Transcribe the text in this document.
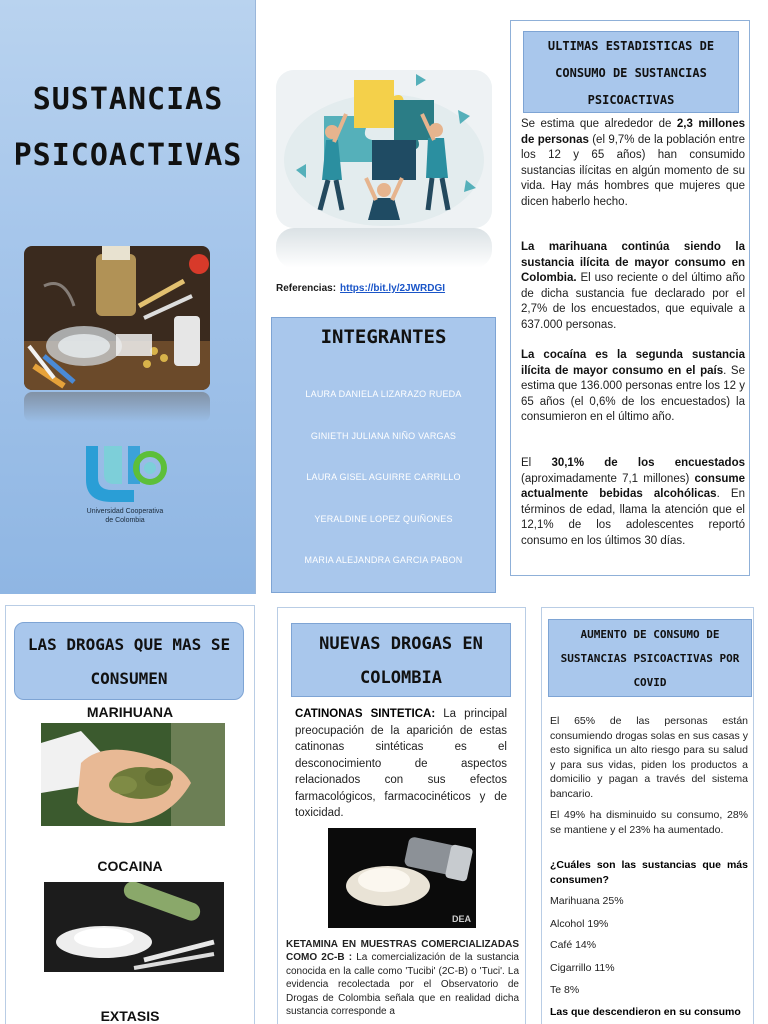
SUSTANCIAS
PSICOACTIVAS
Universidad Cooperativa
de Colombia
Referencias: https://bit.ly/2JWRDGI
INTEGRANTES
LAURA DANIELA LIZARAZO RUEDA
GINIETH JULIANA NIÑO VARGAS
LAURA GISEL AGUIRRE CARRILLO
YERALDINE LOPEZ QUIÑONES
MARIA ALEJANDRA GARCIA PABON
ULTIMAS ESTADISTICAS DE
CONSUMO DE SUSTANCIAS
PSICOACTIVAS
Se estima que alrededor de 2,3 millones de personas (el 9,7% de la población entre los 12 y 65 años) han consumido sustancias ilícitas en algún momento de su vida. Hay más hombres que mujeres que dicen haberlo hecho.
La marihuana continúa siendo la sustancia ilícita de mayor consumo en Colombia. El uso reciente o del último año de dicha sustancia fue declarado por el 2,7% de los encuestados, que equivale a 637.000 personas.
La cocaína es la segunda sustancia ilícita de mayor consumo en el país. Se estima que 136.000 personas entre los 12 y 65 años (el 0,6% de los encuestados) la consumieron en el último año.
El 30,1% de los encuestados (aproximadamente 7,1 millones) consume actualmente bebidas alcohólicas. En términos de edad, llama la atención que el 12,1% de los adolescentes reportó consumo en los últimos 30 días.
LAS DROGAS QUE MAS SE
CONSUMEN
MARIHUANA
COCAINA
EXTASIS
NUEVAS DROGAS EN
COLOMBIA
CATINONAS SINTETICA: La principal preocupación de la aparición de estas catinonas sintéticas es el desconocimiento de aspectos relacionados con sus efectos farmacológicos, farmacocinéticos y de toxicidad.
DEA
KETAMINA EN MUESTRAS COMERCIALIZADAS COMO 2C-B : La comercialización de la sustancia conocida en la calle como 'Tucibi' (2C-B) o 'Tuci'. La evidencia recolectada por el Observatorio de Drogas de Colombia señala que en realidad dicha sustancia corresponde a
AUMENTO DE CONSUMO DE
SUSTANCIAS PSICOACTIVAS POR
COVID
El 65% de las personas están consumiendo drogas solas en sus casas y esto significa un alto riesgo para su salud y para sus vidas, piden los productos a domicilio y pagan a través del sistema bancario.
El 49% ha disminuido su consumo, 28% se mantiene y el 23% ha aumentado.
¿Cuáles son las sustancias que más consumen?
Marihuana 25%
Alcohol 19%
Café 14%
Cigarrillo 11%
Te 8%
Las que descendieron en su consumo
